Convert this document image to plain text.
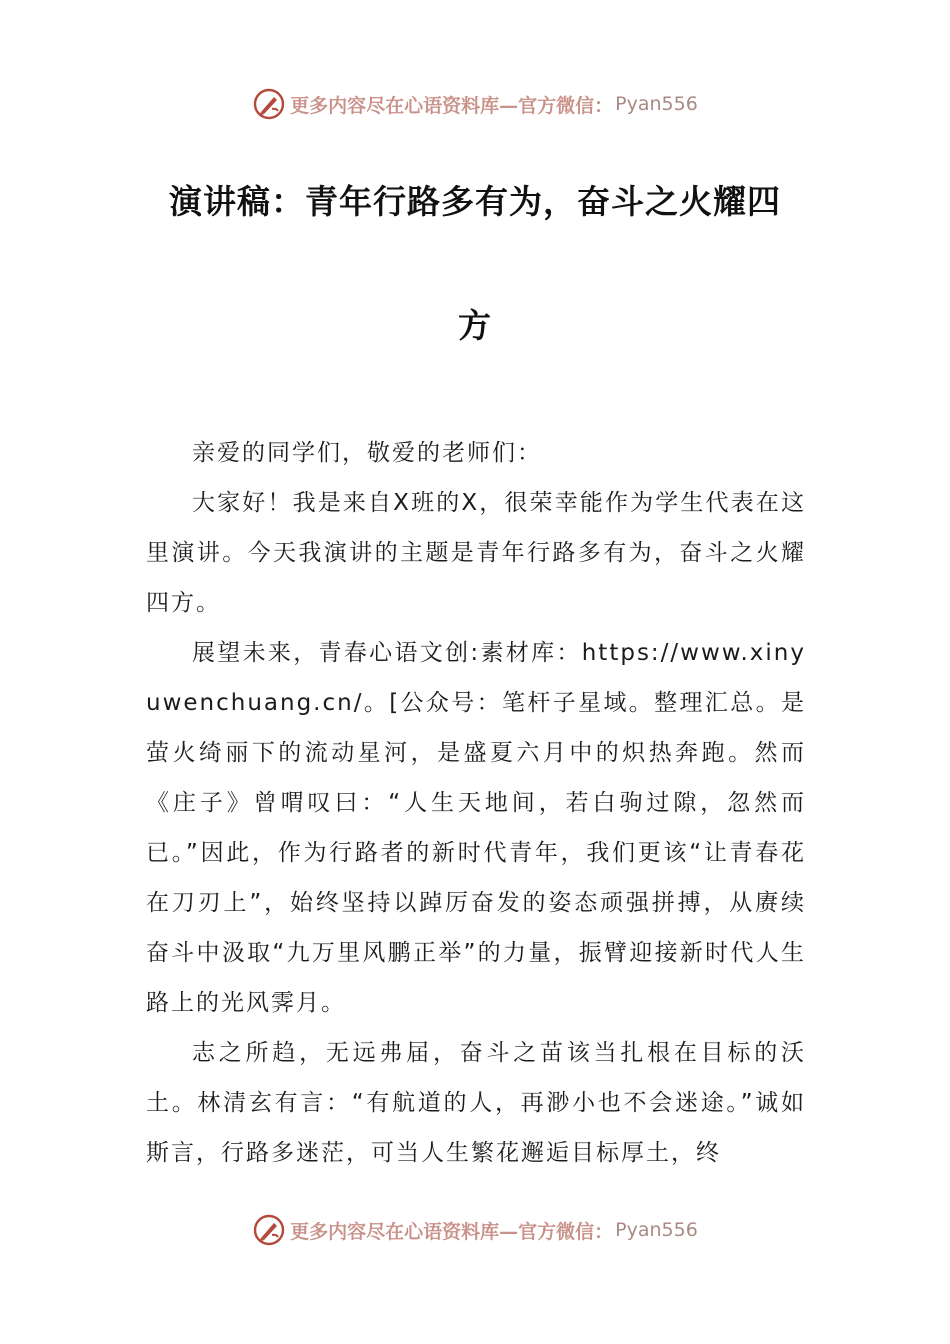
更多内容尽在心语资料库—官方微信： Pyan556
演讲稿：青年行路多有为，奋斗之火耀四
方

亲爱的同学们，敬爱的老师们：

大家好！我是来自X班的X，很荣幸能作为学生代表在这里演讲。今天我演讲的主题是青年行路多有为，奋斗之火耀四方。

展望未来，青春心语文创:素材库：https://www.xinyuwenchuang.cn/。[公众号：笔杆子星域。整理汇总。是萤火绮丽下的流动星河，是盛夏六月中的炽热奔跑。然而《庄子》曾喟叹曰：“人生天地间，若白驹过隙，忽然而已。”因此，作为行路者的新时代青年，我们更该“让青春花在刀刃上”，始终坚持以踔厉奋发的姿态顽强拼搏，从赓续奋斗中汲取“九万里风鹏正举”的力量，振臂迎接新时代人生路上的光风霁月。

志之所趋，无远弗届，奋斗之苗该当扎根在目标的沃土。林清玄有言：“有航道的人，再渺小也不会迷途。”诚如斯言，行路多迷茫，可当人生繁花邂逅目标厚土，终

更多内容尽在心语资料库—官方微信： Pyan556
